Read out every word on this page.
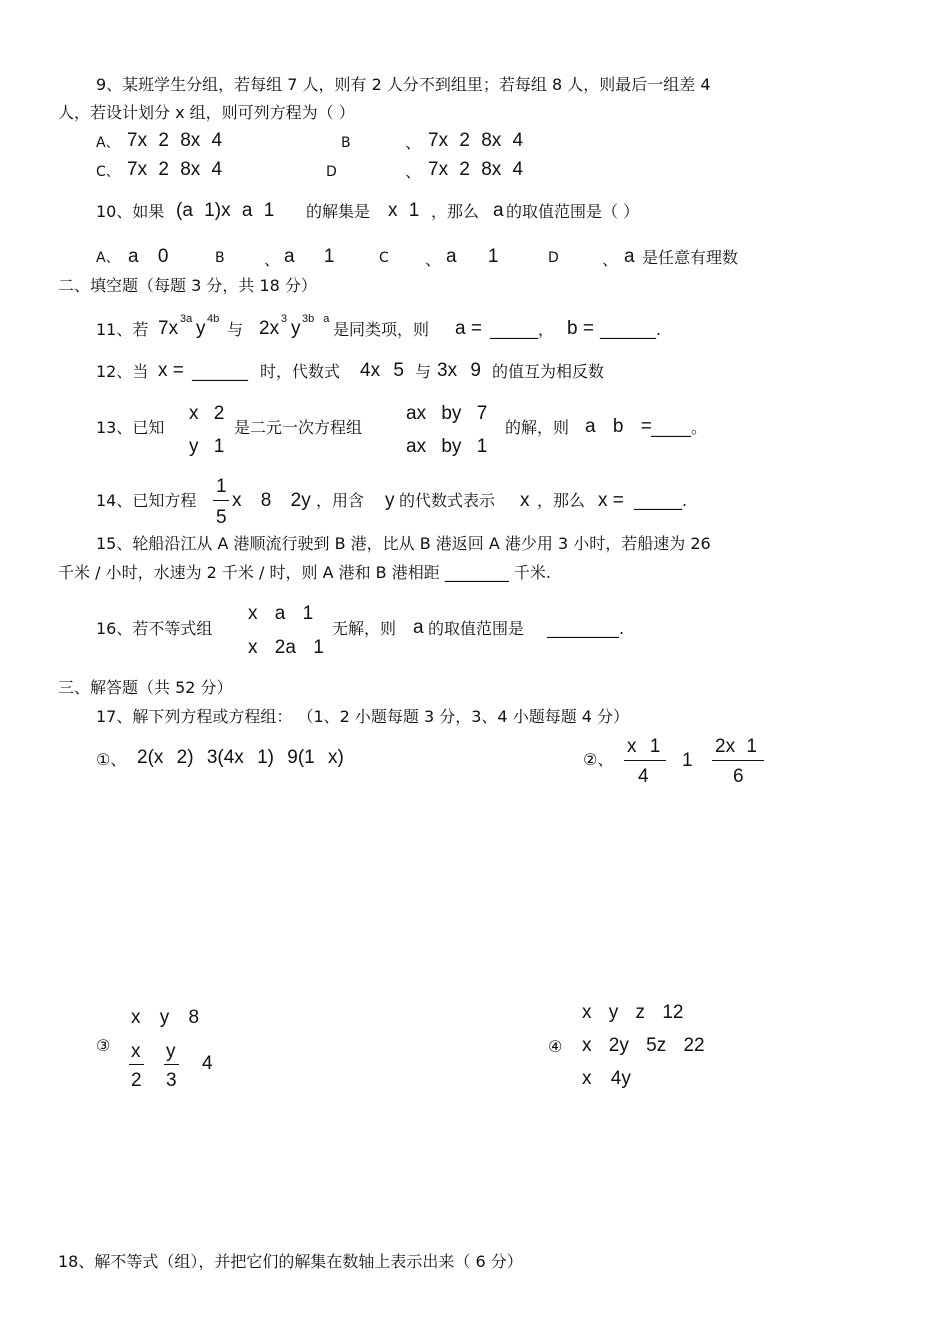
9、某班学生分组，若每组 7 人，则有 2 人分不到组里；若每组 8 人，则最后一组差 4
人，若设计划分 x 组，则可列方程为（ ）
A、 7x 2 8x 4	B	、 7x 2 8x 4
C、 7x 2 8x 4	D	、 7x 2 8x 4
10、如果 (a 1)x a 1 的解集是 x 1 ，那么 a 的取值范围是（ ）
A、 a 0	B 、 a 1	C 、 a 1	D	、 a 是任意有理数
二、填空题（每题 3 分，共 18 分）
11、若 7x 3a y 4b
与 2x 3 y 3b a
是同类项，则 a = ______， b = _______.
12、当 x = _______ 时，代数式 4x 5 与 3x 9 的值互为相反数
13、已知
x 2
y 1
是二元一次方程组
ax by 7
ax by 1
的解，则 a b = _____。
14、已知方程
1
5
x 8 2y ，用含 y 的代数式表示 x ，那么 x = ______.
15、轮船沿江从 A 港顺流行驶到 B 港，比从 B 港返回 A 港少用 3 小时，若船速为 26
千米 / 小时，水速为 2 千米 / 时，则 A 港和 B 港相距 ________ 千米.
16、若不等式组
x a 1
x 2a 1
无解，则 a 的取值范围是 _________.
三、解答题（共 52 分）
17、解下列方程或方程组： （1、2 小题每题 3 分，3、4 小题每题 4 分）
①、 2(x 2) 3(4x 1) 9(1 x)	②、
x 1
4
1
2x 1
6
③
x y 8
x
2
y
3
4
④
x y z 12
x 2y 5z 22
x 4y
18、解不等式（组），并把它们的解集在数轴上表示出来（ 6 分）
